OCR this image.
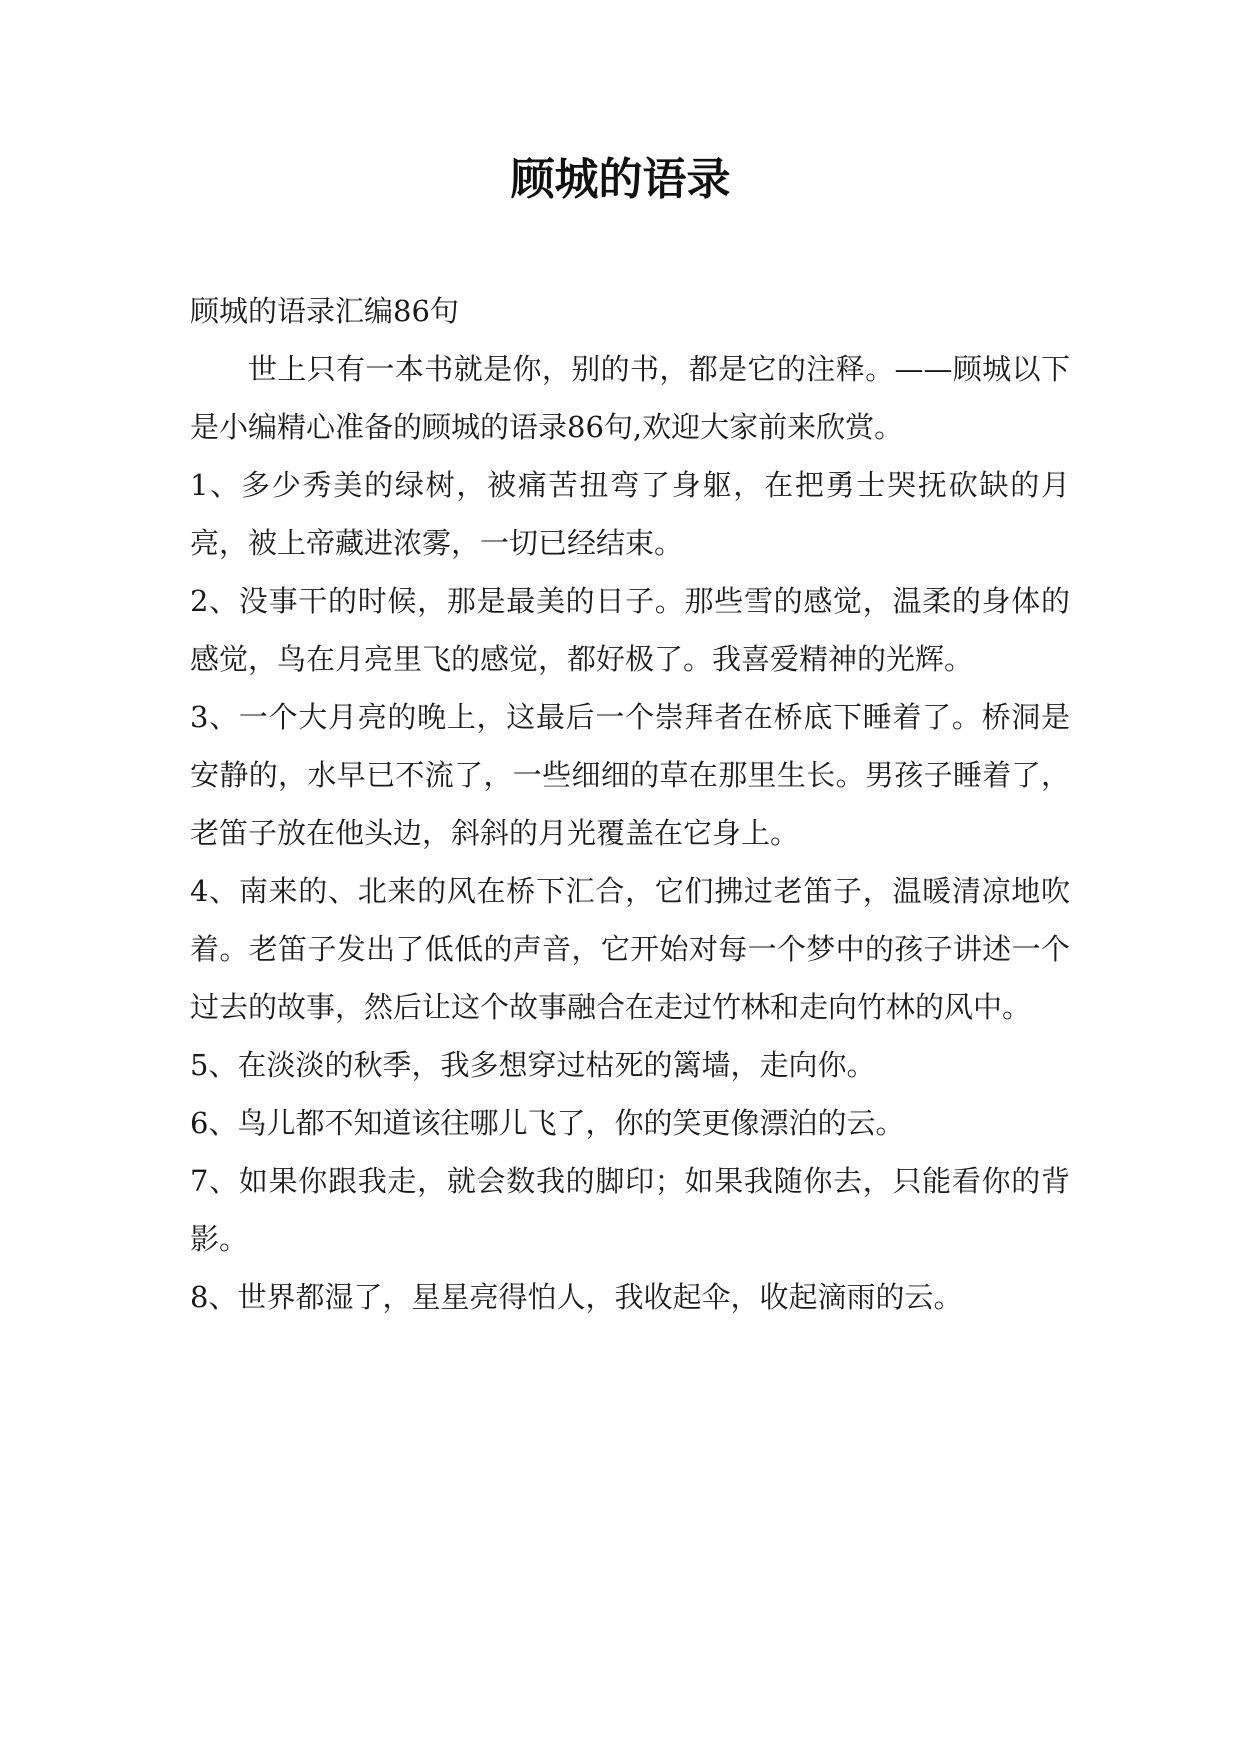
顾城的语录

顾城的语录汇编86句

世上只有一本书就是你，别的书，都是它的注释。——顾城以下是小编精心准备的顾城的语录86句,欢迎大家前来欣赏。

1、多少秀美的绿树，被痛苦扭弯了身躯，在把勇士哭抚砍缺的月亮，被上帝藏进浓雾，一切已经结束。

2、没事干的时候，那是最美的日子。那些雪的感觉，温柔的身体的感觉，鸟在月亮里飞的感觉，都好极了。我喜爱精神的光辉。

3、一个大月亮的晚上，这最后一个崇拜者在桥底下睡着了。桥洞是安静的，水早已不流了，一些细细的草在那里生长。男孩子睡着了，老笛子放在他头边，斜斜的月光覆盖在它身上。

4、南来的、北来的风在桥下汇合，它们拂过老笛子，温暖清凉地吹着。老笛子发出了低低的声音，它开始对每一个梦中的孩子讲述一个过去的故事，然后让这个故事融合在走过竹林和走向竹林的风中。

5、在淡淡的秋季，我多想穿过枯死的篱墙，走向你。

6、鸟儿都不知道该往哪儿飞了，你的笑更像漂泊的云。

7、如果你跟我走，就会数我的脚印；如果我随你去，只能看你的背影。

8、世界都湿了，星星亮得怕人，我收起伞，收起滴雨的云。
